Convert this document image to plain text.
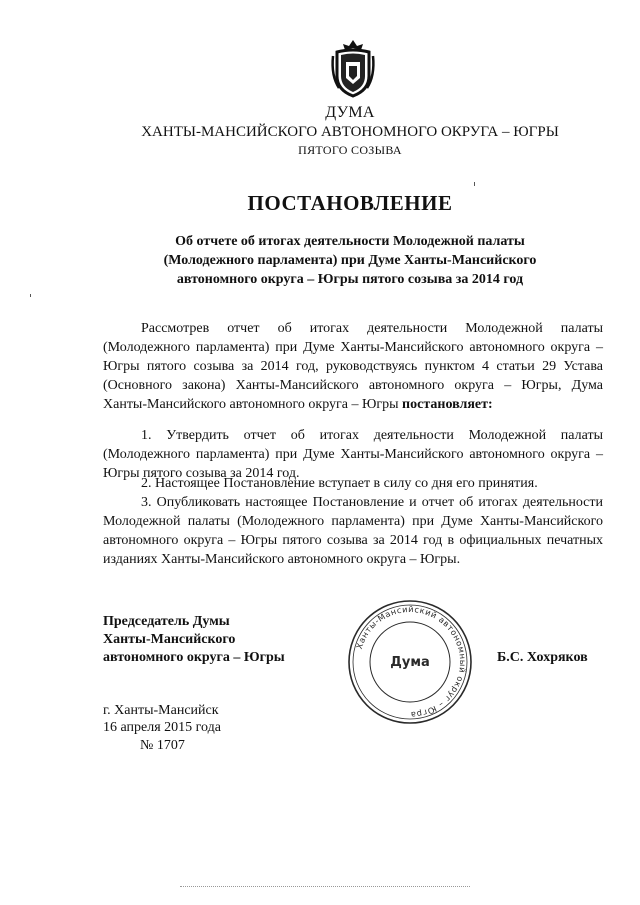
ДУМА
ХАНТЫ-МАНСИЙСКОГО АВТОНОМНОГО ОКРУГА – ЮГРЫ
ПЯТОГО СОЗЫВА
ПОСТАНОВЛЕНИЕ
Об отчете об итогах деятельности Молодежной палаты
(Молодежного парламента) при Думе Ханты-Мансийского
автономного округа – Югры пятого созыва за 2014 год
Рассмотрев отчет об итогах деятельности Молодежной палаты (Молодежного парламента) при Думе Ханты-Мансийского автономного округа – Югры пятого созыва за 2014 год, руководствуясь пунктом 4 статьи 29 Устава (Основного закона) Ханты-Мансийского автономного округа – Югры, Дума Ханты-Мансийского автономного округа – Югры постановляет:
1. Утвердить отчет об итогах деятельности Молодежной палаты (Молодежного парламента) при Думе Ханты-Мансийского автономного округа – Югры пятого созыва за 2014 год.
2. Настоящее Постановление вступает в силу со дня его принятия.
3. Опубликовать настоящее Постановление и отчет об итогах деятельности Молодежной палаты (Молодежного парламента) при Думе Ханты-Мансийского автономного округа – Югры пятого созыва за 2014 год в официальных печатных изданиях Ханты-Мансийского автономного округа – Югры.
Председатель Думы
Ханты-Мансийского
автономного округа – Югры	Б.С. Хохряков
Ханты-Мансийский автономный округ – Югра
Дума
г. Ханты-Мансийск
16 апреля 2015 года
№ 1707
